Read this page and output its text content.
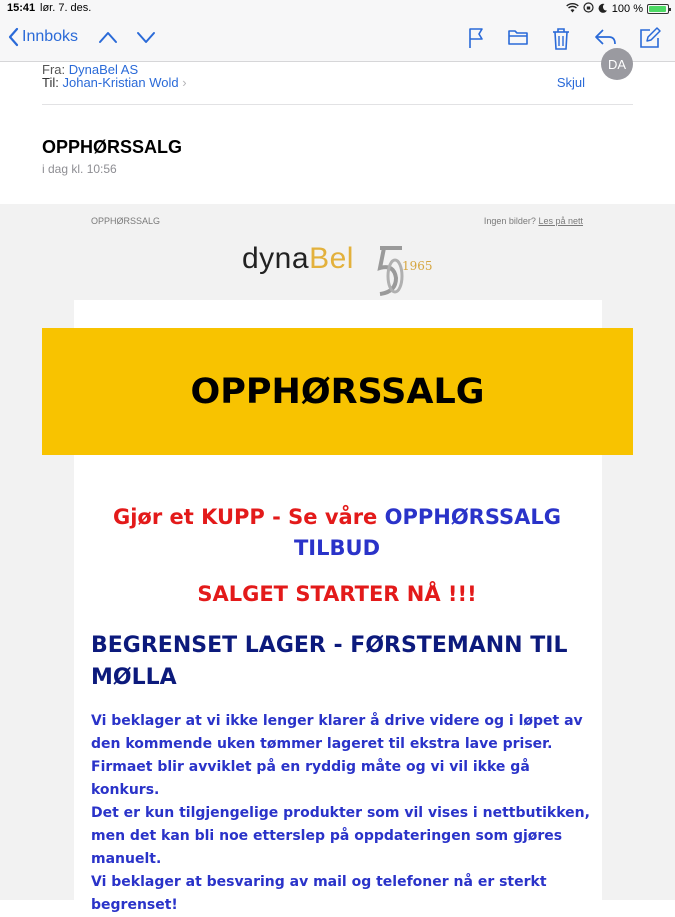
15:41 lør. 7. des.	100 %
Innboks
Fra: DynaBel AS
Til: Johan-Kristian Wold ›	Skjul
OPPHØRSSALG
i dag kl. 10:56
DA
OPPHØRSSALG	Ingen bilder? Les på nett
dynaBel	1965
OPPHØRSSALG
Gjør et KUPP - Se våre OPPHØRSSALG TILBUD
SALGET STARTER NÅ !!!
BEGRENSET LAGER - FØRSTEMANN TIL MØLLA

Vi beklager at vi ikke lenger klarer å drive videre og i løpet av den kommende uken tømmer lageret til ekstra lave priser.

Firmaet blir avviklet på en ryddig måte og vi vil ikke gå konkurs.

Det er kun tilgjengelige produkter som vil vises i nettbutikken, men det kan bli noe etterslep på oppdateringen som gjøres manuelt.

Vi beklager at besvaring av mail og telefoner nå er sterkt begrenset!
